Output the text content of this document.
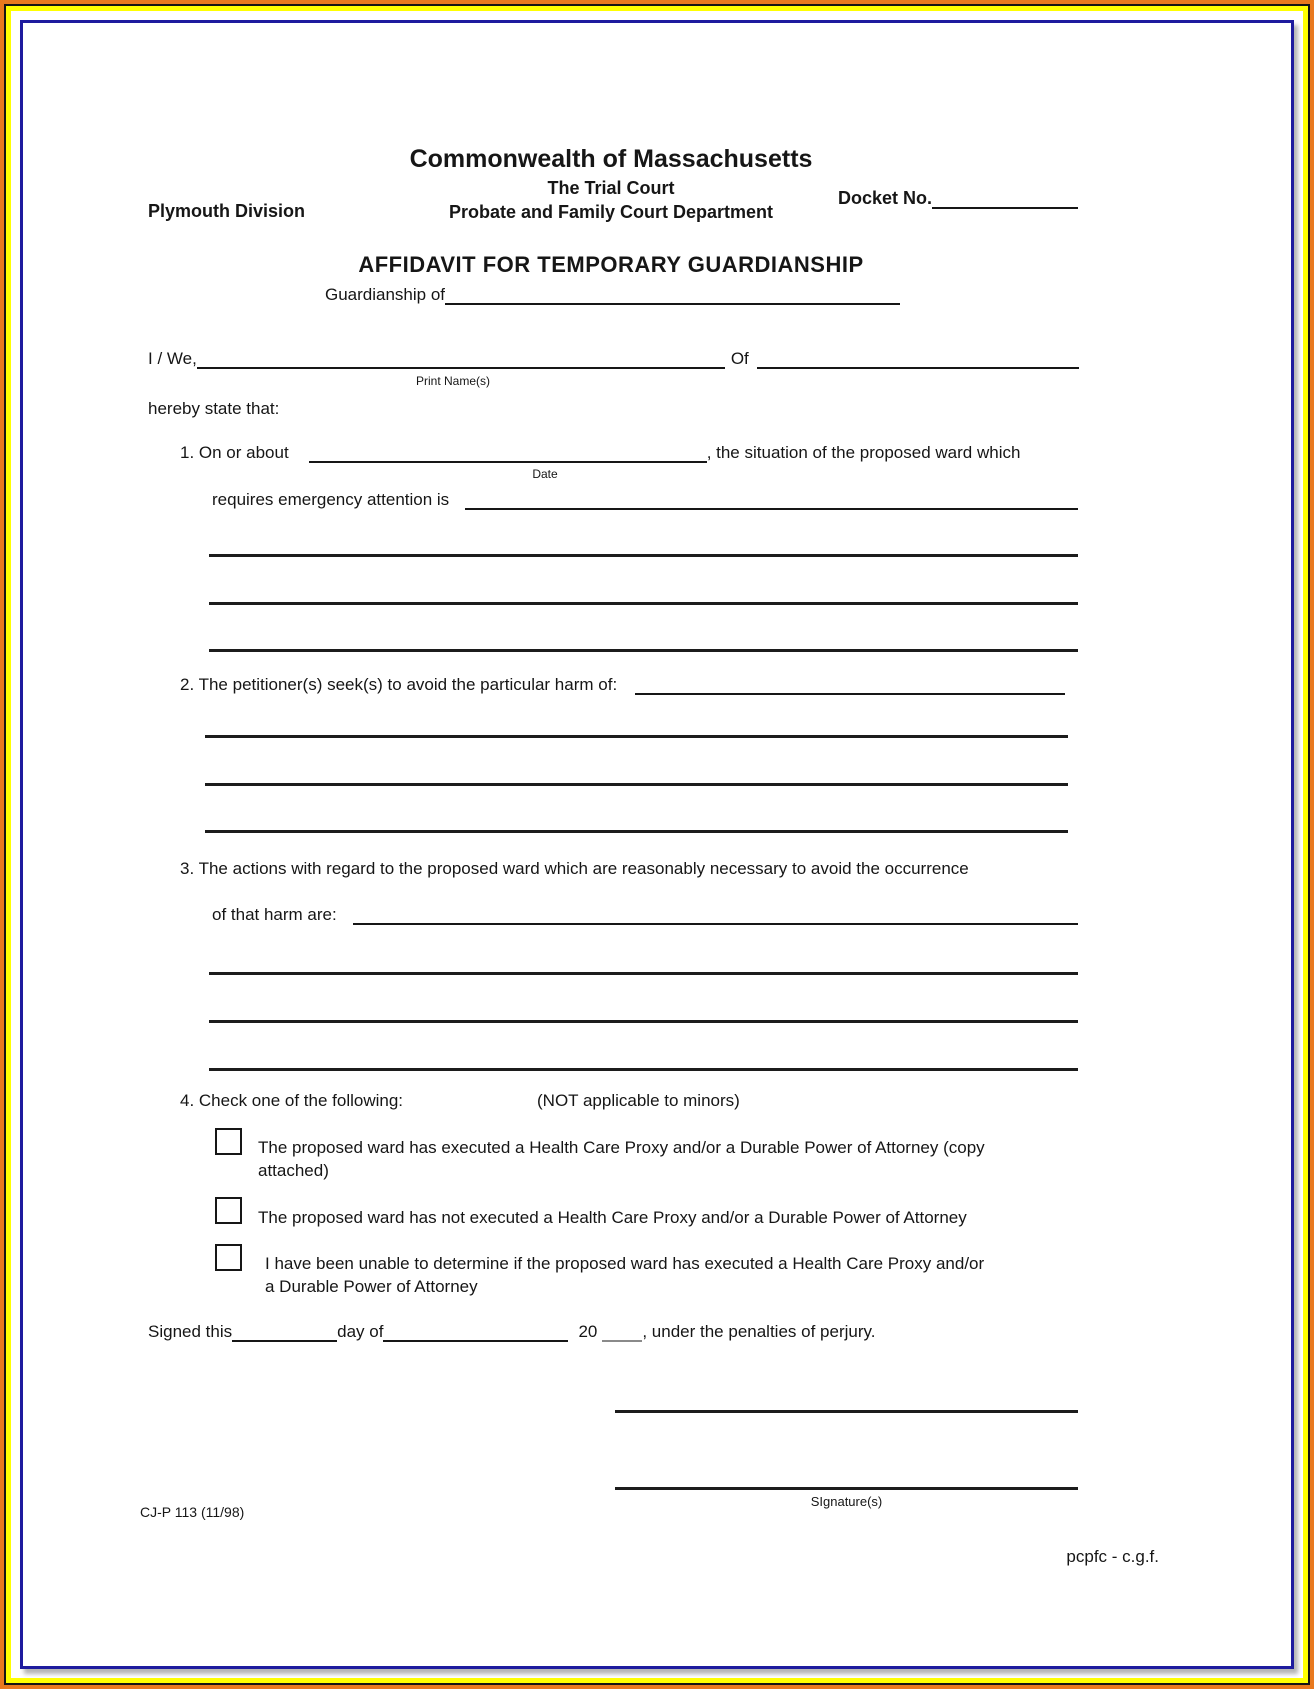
Commonwealth of Massachusetts
The Trial Court
Plymouth Division	Probate and Family Court Department
Docket No.
AFFIDAVIT FOR TEMPORARY GUARDIANSHIP
Guardianship of
I / We,	Of
Print Name(s)
hereby state that:
1. On or about	, the situation of the proposed ward which
Date
requires emergency attention is
2. The petitioner(s) seek(s) to avoid the particular harm of:
3. The actions with regard to the proposed ward which are reasonably necessary to avoid the occurrence
of that harm are:
4. Check one of the following:	(NOT applicable to minors)
The proposed ward has executed a Health Care Proxy and/or a Durable Power of Attorney (copy
attached)
The proposed ward has not executed a Health Care Proxy and/or a Durable Power of Attorney
I have been unable to determine if the proposed ward has executed a Health Care Proxy and/or
a Durable Power of Attorney
Signed this	day of	20	, under the penalties of perjury.
SIgnature(s)
CJ-P 113 (11/98)
pcpfc - c.g.f.
